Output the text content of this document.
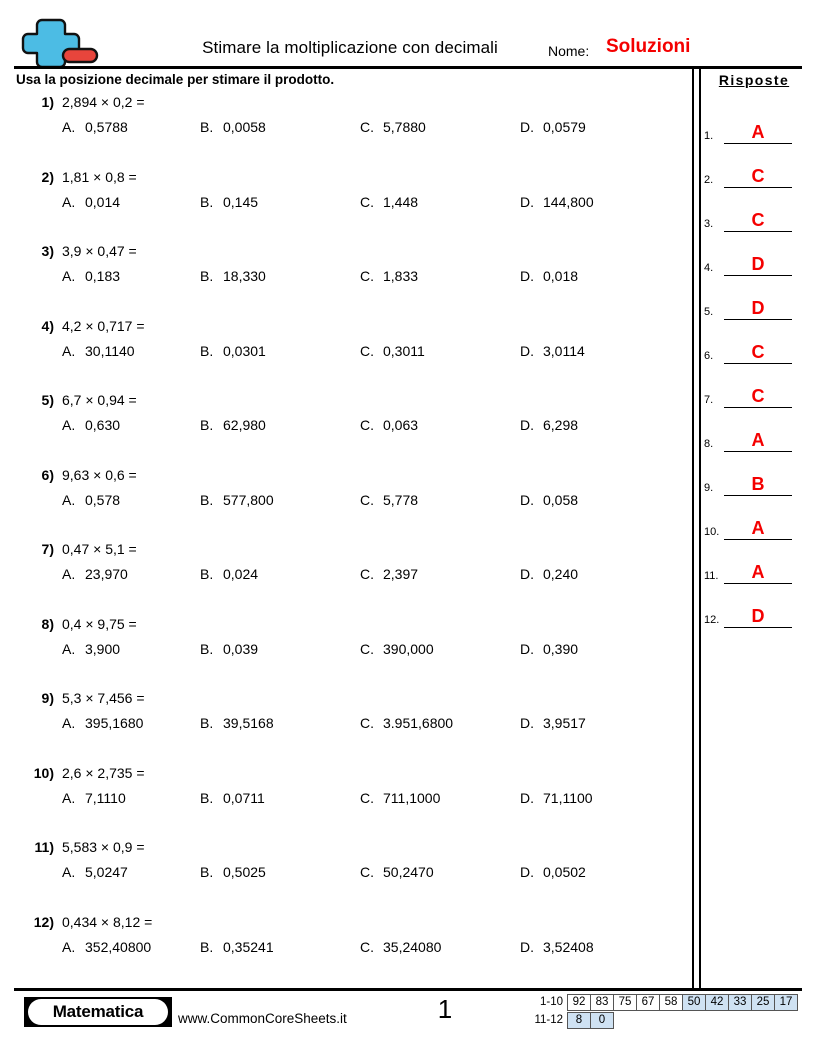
Stimare la moltiplicazione con decimali	Nome: Soluzioni
Usa la posizione decimale per stimare il prodotto.
1) 2,894 × 0,2 =
A. 0,5788	B. 0,0058	C. 5,7880	D. 0,0579
2) 1,81 × 0,8 =
A. 0,014	B. 0,145	C. 1,448	D. 144,800
3) 3,9 × 0,47 =
A. 0,183	B. 18,330	C. 1,833	D. 0,018
4) 4,2 × 0,717 =
A. 30,1140	B. 0,0301	C. 0,3011	D. 3,0114
5) 6,7 × 0,94 =
A. 0,630	B. 62,980	C. 0,063	D. 6,298
6) 9,63 × 0,6 =
A. 0,578	B. 577,800	C. 5,778	D. 0,058
7) 0,47 × 5,1 =
A. 23,970	B. 0,024	C. 2,397	D. 0,240
8) 0,4 × 9,75 =
A. 3,900	B. 0,039	C. 390,000	D. 0,390
9) 5,3 × 7,456 =
A. 395,1680	B. 39,5168	C. 3.951,6800	D. 3,9517
10) 2,6 × 2,735 =
A. 7,1110	B. 0,0711	C. 711,1000	D. 71,1100
11) 5,583 × 0,9 =
A. 5,0247	B. 0,5025	C. 50,2470	D. 0,0502
12) 0,434 × 8,12 =
A. 352,40800	B. 0,35241	C. 35,24080	D. 3,52408
Risposte
1.	A
2.	C
3.	C
4.	D
5.	D
6.	C
7.	C
8.	A
9.	B
10.	A
11.	A
12.	D
Matematica	www.CommonCoreSheets.it	1	1-10 92 83 75 67 58 50 42 33 25 17
11-12	8	0
